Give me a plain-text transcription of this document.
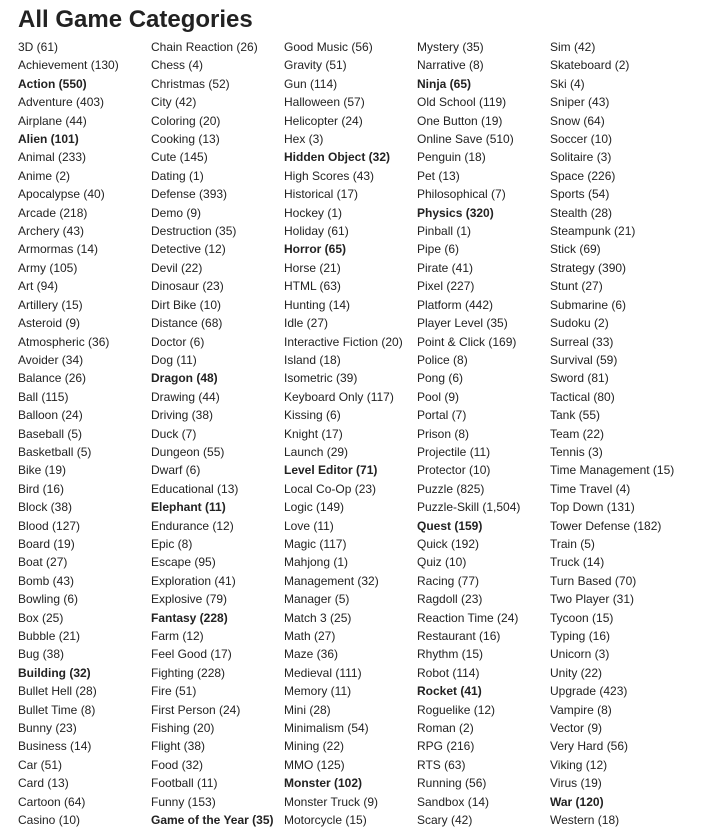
All Game Categories
3D (61)
Achievement (130)
Action (550)
Adventure (403)
Airplane (44)
Alien (101)
Animal (233)
Anime (2)
Apocalypse (40)
Arcade (218)
Archery (43)
Armormas (14)
Army (105)
Art (94)
Artillery (15)
Asteroid (9)
Atmospheric (36)
Avoider (34)
Balance (26)
Ball (115)
Balloon (24)
Baseball (5)
Basketball (5)
Bike (19)
Bird (16)
Block (38)
Blood (127)
Board (19)
Boat (27)
Bomb (43)
Bowling (6)
Box (25)
Bubble (21)
Bug (38)
Building (32)
Bullet Hell (28)
Bullet Time (8)
Bunny (23)
Business (14)
Car (51)
Card (13)
Cartoon (64)
Casino (10)
Chain Reaction (26)
Chess (4)
Christmas (52)
City (42)
Coloring (20)
Cooking (13)
Cute (145)
Dating (1)
Defense (393)
Demo (9)
Destruction (35)
Detective (12)
Devil (22)
Dinosaur (23)
Dirt Bike (10)
Distance (68)
Doctor (6)
Dog (11)
Dragon (48)
Drawing (44)
Driving (38)
Duck (7)
Dungeon (55)
Dwarf (6)
Educational (13)
Elephant (11)
Endurance (12)
Epic (8)
Escape (95)
Exploration (41)
Explosive (79)
Fantasy (228)
Farm (12)
Feel Good (17)
Fighting (228)
Fire (51)
First Person (24)
Fishing (20)
Flight (38)
Food (32)
Football (11)
Funny (153)
Game of the Year (35)
Good Music (56)
Gravity (51)
Gun (114)
Halloween (57)
Helicopter (24)
Hex (3)
Hidden Object (32)
High Scores (43)
Historical (17)
Hockey (1)
Holiday (61)
Horror (65)
Horse (21)
HTML (63)
Hunting (14)
Idle (27)
Interactive Fiction (20)
Island (18)
Isometric (39)
Keyboard Only (117)
Kissing (6)
Knight (17)
Launch (29)
Level Editor (71)
Local Co-Op (23)
Logic (149)
Love (11)
Magic (117)
Mahjong (1)
Management (32)
Manager (5)
Match 3 (25)
Math (27)
Maze (36)
Medieval (111)
Memory (11)
Mini (28)
Minimalism (54)
Mining (22)
MMO (125)
Monster (102)
Monster Truck (9)
Motorcycle (15)
Mystery (35)
Narrative (8)
Ninja (65)
Old School (119)
One Button (19)
Online Save (510)
Penguin (18)
Pet (13)
Philosophical (7)
Physics (320)
Pinball (1)
Pipe (6)
Pirate (41)
Pixel (227)
Platform (442)
Player Level (35)
Point & Click (169)
Police (8)
Pong (6)
Pool (9)
Portal (7)
Prison (8)
Projectile (11)
Protector (10)
Puzzle (825)
Puzzle-Skill (1,504)
Quest (159)
Quick (192)
Quiz (10)
Racing (77)
Ragdoll (23)
Reaction Time (24)
Restaurant (16)
Rhythm (15)
Robot (114)
Rocket (41)
Roguelike (12)
Roman (2)
RPG (216)
RTS (63)
Running (56)
Sandbox (14)
Scary (42)
Sim (42)
Skateboard (2)
Ski (4)
Sniper (43)
Snow (64)
Soccer (10)
Solitaire (3)
Space (226)
Sports (54)
Stealth (28)
Steampunk (21)
Stick (69)
Strategy (390)
Stunt (27)
Submarine (6)
Sudoku (2)
Surreal (33)
Survival (59)
Sword (81)
Tactical (80)
Tank (55)
Team (22)
Tennis (3)
Time Management (15)
Time Travel (4)
Top Down (131)
Tower Defense (182)
Train (5)
Truck (14)
Turn Based (70)
Two Player (31)
Tycoon (15)
Typing (16)
Unicorn (3)
Unity (22)
Upgrade (423)
Vampire (8)
Vector (9)
Very Hard (56)
Viking (12)
Virus (19)
War (120)
Western (18)
